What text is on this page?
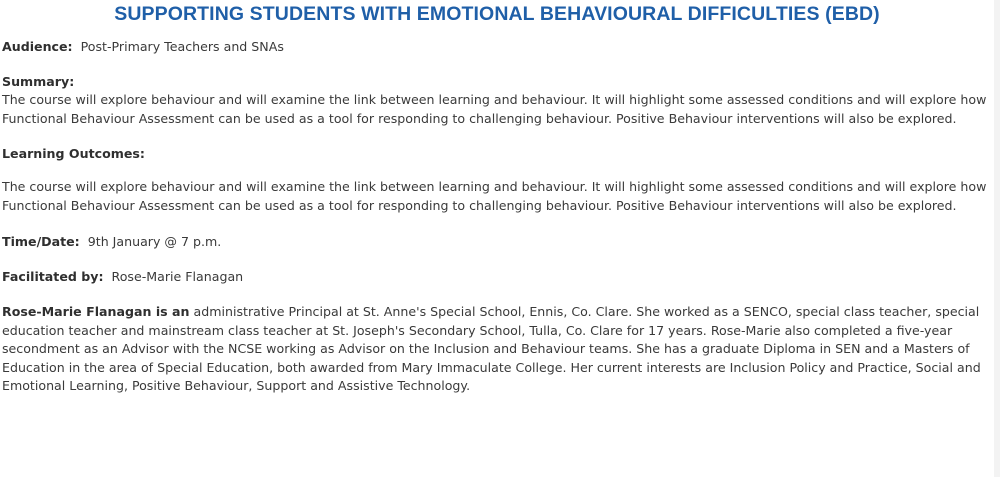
SUPPORTING STUDENTS WITH EMOTIONAL BEHAVIOURAL DIFFICULTIES (EBD)

Audience: Post-Primary Teachers and SNAs

Summary:

The course will explore behaviour and will examine the link between learning and behaviour. It will highlight some assessed conditions and will explore how Functional Behaviour Assessment can be used as a tool for responding to challenging behaviour. Positive Behaviour interventions will also be explored.

Learning Outcomes:

The course will explore behaviour and will examine the link between learning and behaviour. It will highlight some assessed conditions and will explore how Functional Behaviour Assessment can be used as a tool for responding to challenging behaviour. Positive Behaviour interventions will also be explored.

Time/Date: 9th January @ 7 p.m.

Facilitated by: Rose-Marie Flanagan

Rose-Marie Flanagan is an administrative Principal at St. Anne's Special School, Ennis, Co. Clare. She worked as a SENCO, special class teacher, special education teacher and mainstream class teacher at St. Joseph's Secondary School, Tulla, Co. Clare for 17 years. Rose-Marie also completed a five-year secondment as an Advisor with the NCSE working as Advisor on the Inclusion and Behaviour teams. She has a graduate Diploma in SEN and a Masters of Education in the area of Special Education, both awarded from Mary Immaculate College. Her current interests are Inclusion Policy and Practice, Social and Emotional Learning, Positive Behaviour, Support and Assistive Technology.
